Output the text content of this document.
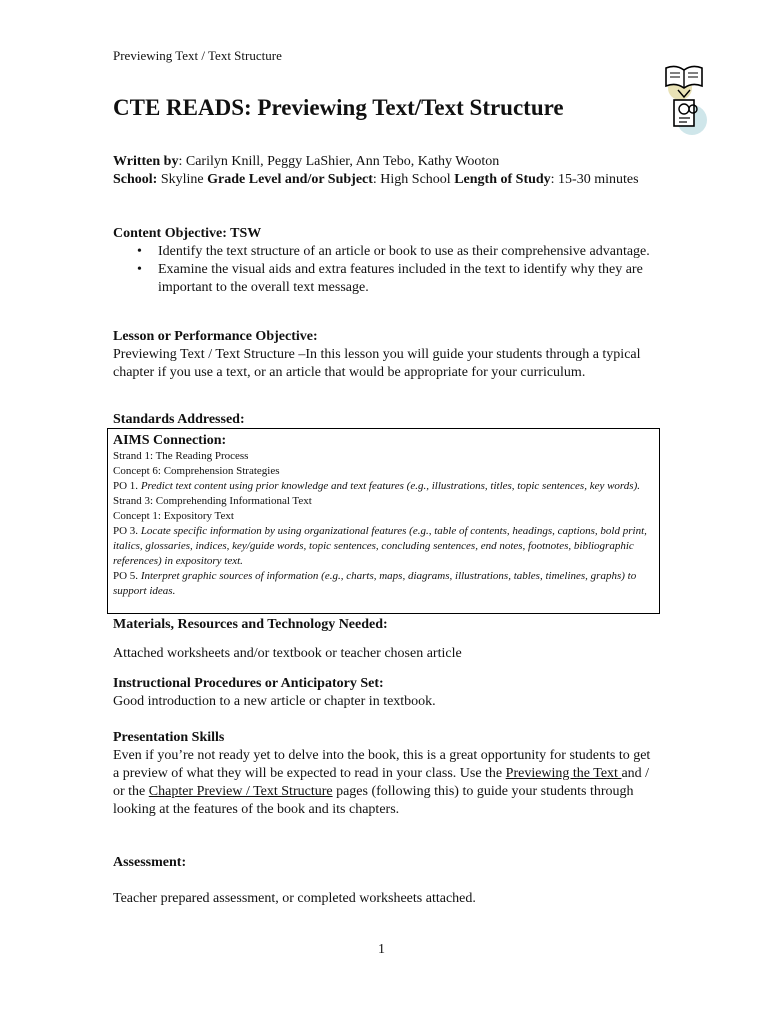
Previewing Text / Text Structure
CTE READS: Previewing Text/Text Structure
Written by: Carilyn Knill, Peggy LaShier, Ann Tebo, Kathy Wooton
School: Skyline Grade Level and/or Subject: High School Length of Study: 15-30 minutes
Content Objective: TSW
• Identify the text structure of an article or book to use as their comprehensive advantage.
• Examine the visual aids and extra features included in the text to identify why they are important to the overall text message.
Lesson or Performance Objective:
Previewing Text / Text Structure –In this lesson you will guide your students through a typical chapter if you use a text, or an article that would be appropriate for your curriculum.
Standards Addressed:
AIMS Connection:
Strand 1: The Reading Process
Concept 6: Comprehension Strategies
PO 1. Predict text content using prior knowledge and text features (e.g., illustrations, titles, topic sentences, key words).
Strand 3: Comprehending Informational Text
Concept 1: Expository Text
PO 3. Locate specific information by using organizational features (e.g., table of contents, headings, captions, bold print, italics, glossaries, indices, key/guide words, topic sentences, concluding sentences, end notes, footnotes, bibliographic references) in expository text.
PO 5. Interpret graphic sources of information (e.g., charts, maps, diagrams, illustrations, tables, timelines, graphs) to support ideas.
Materials, Resources and Technology Needed:
Attached worksheets and/or textbook or teacher chosen article
Instructional Procedures or Anticipatory Set:
Good introduction to a new article or chapter in textbook.
Presentation Skills
Even if you’re not ready yet to delve into the book, this is a great opportunity for students to get a preview of what they will be expected to read in your class. Use the Previewing the Text and / or the Chapter Preview / Text Structure pages (following this) to guide your students through looking at the features of the book and its chapters.
Assessment:
Teacher prepared assessment, or completed worksheets attached.
1
